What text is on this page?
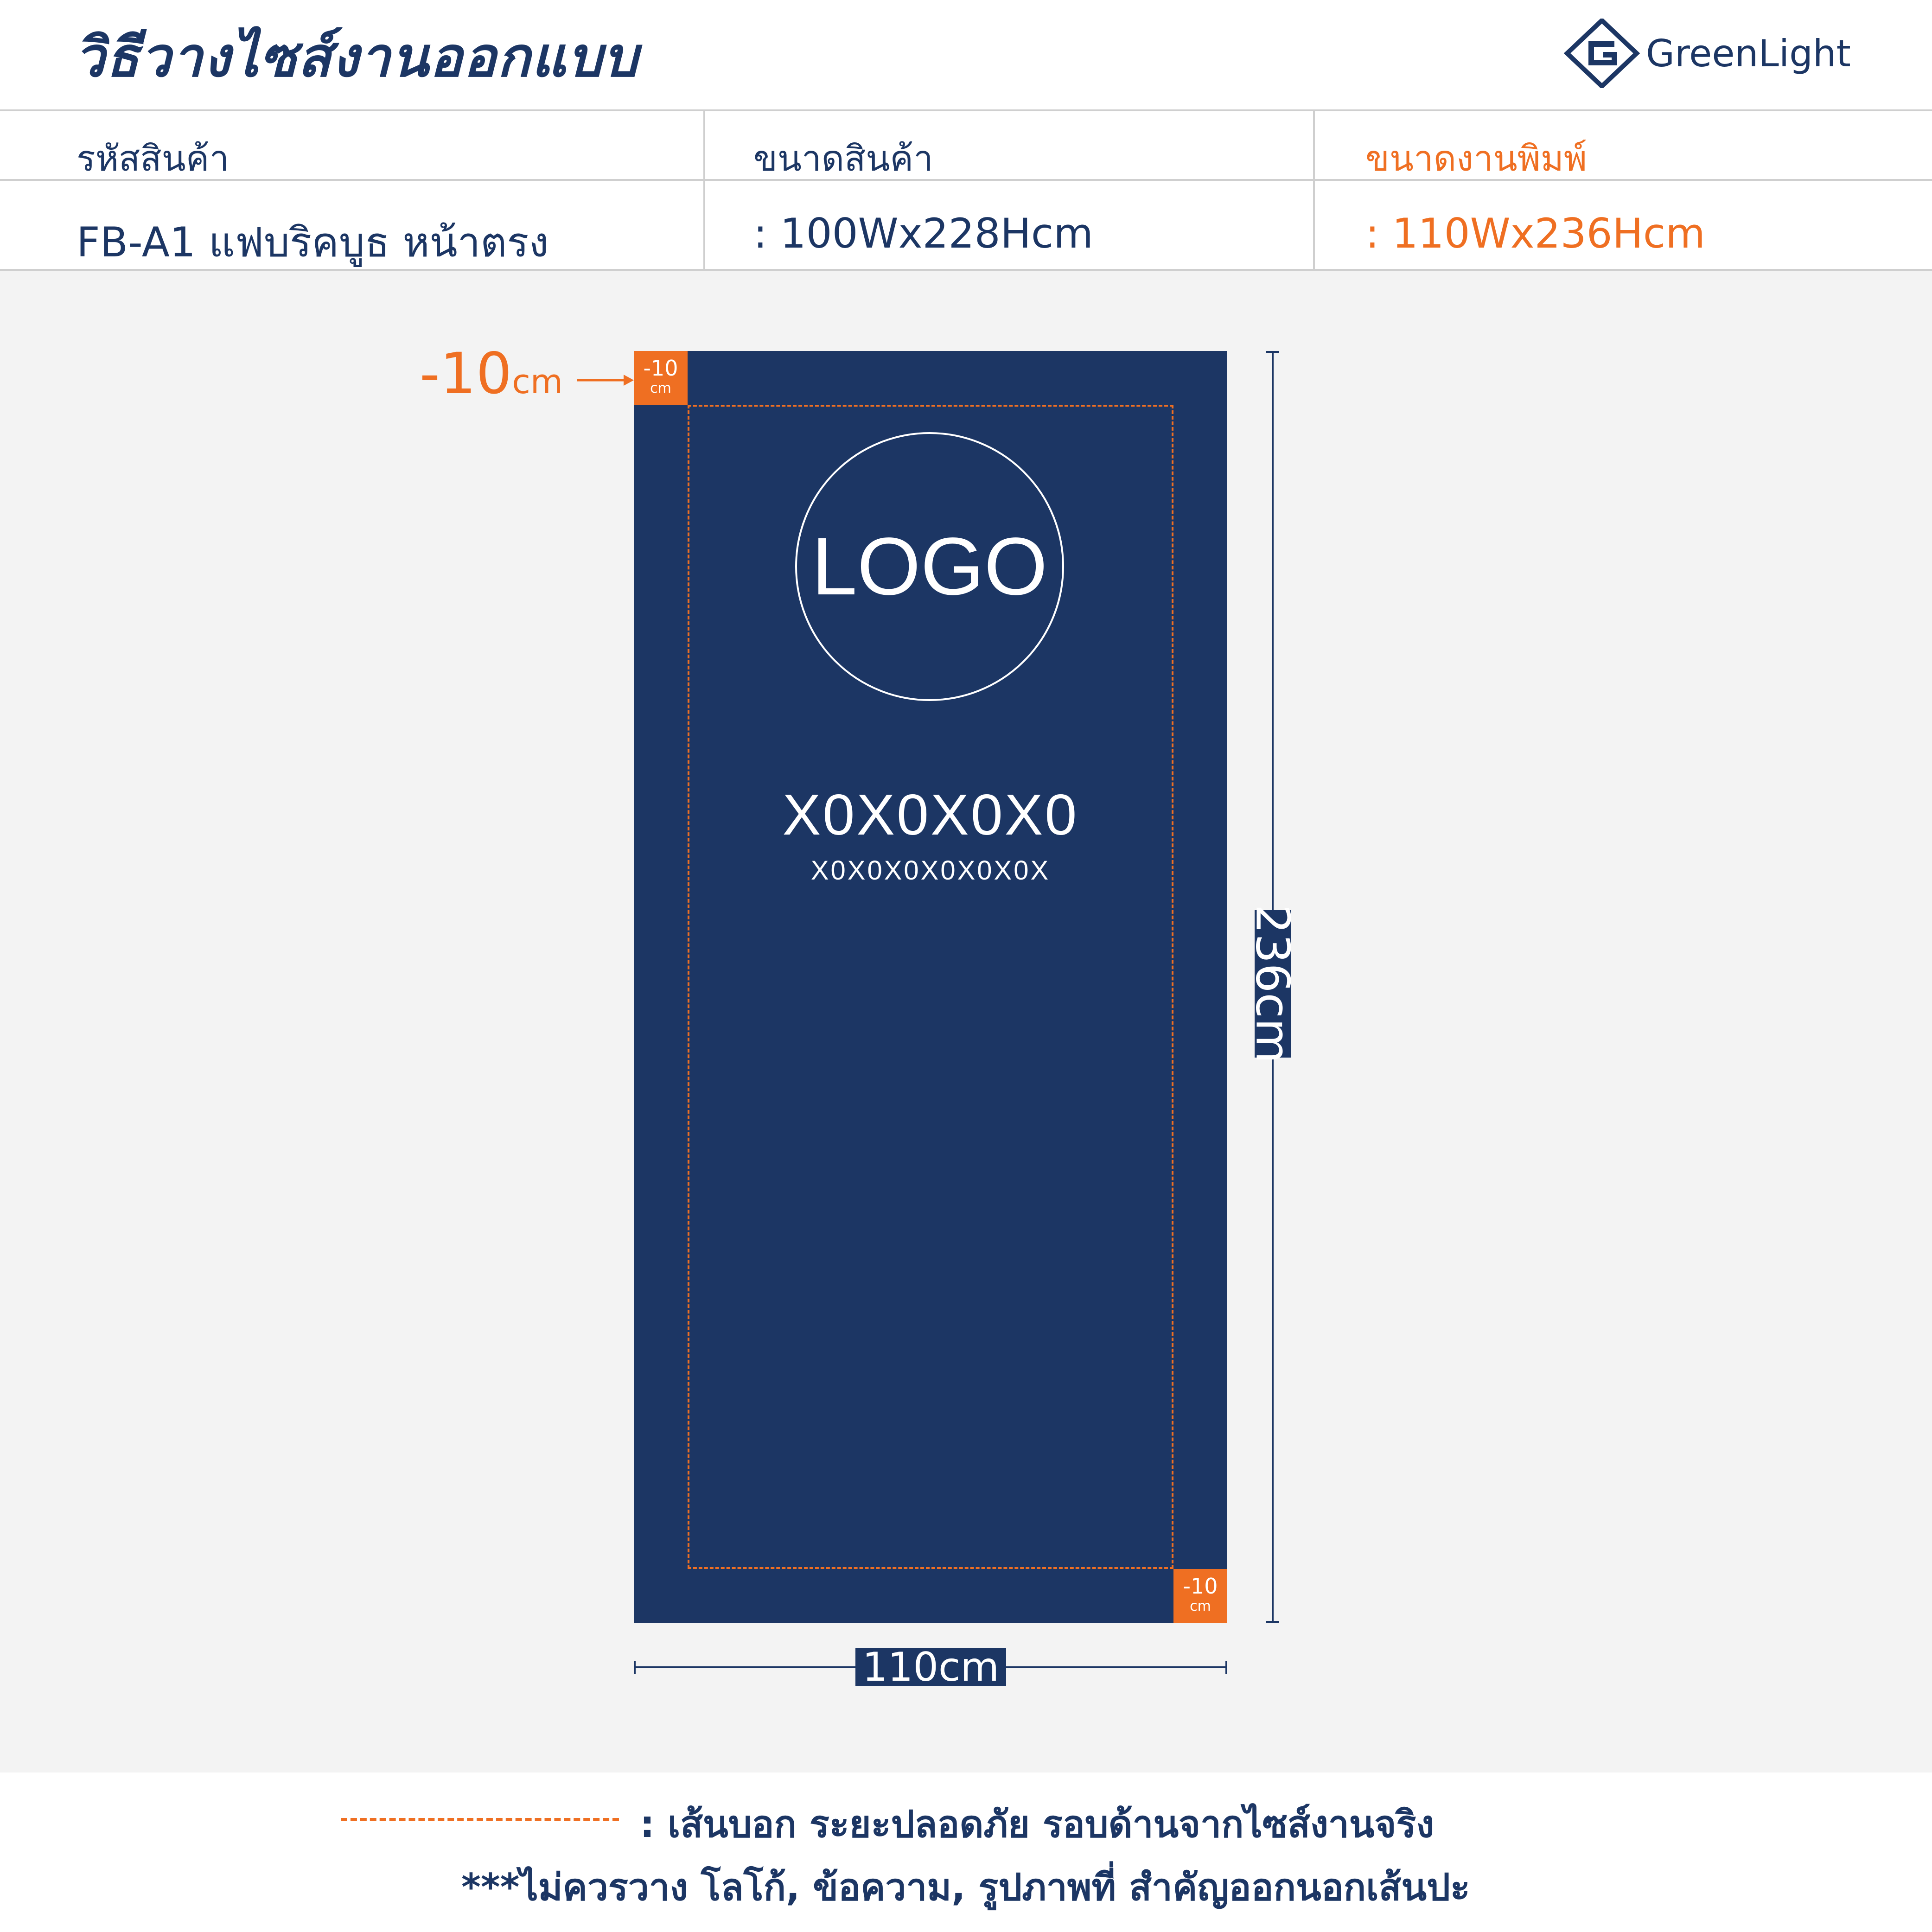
วิธีวางไซส์งานออกแบบ	GreenLight
รหัสสินค้า
FB-A1 แฟบริคบูธ หน้าตรง
ขนาดสินค้า
: 100Wx228Hcm
ขนาดงานพิมพ์
: 110Wx236Hcm
-10cm	-10
cm
-10
cm
LOGO
X0X0X0X0
X0X0X0X0X0X0X
236cm
110cm
: เส้นบอก ระยะปลอดภัย รอบด้านจากไซส์งานจริง
***ไม่ควรวาง โลโก้, ข้อความ, รูปภาพที่ สำคัญออกนอกเส้นปะ
